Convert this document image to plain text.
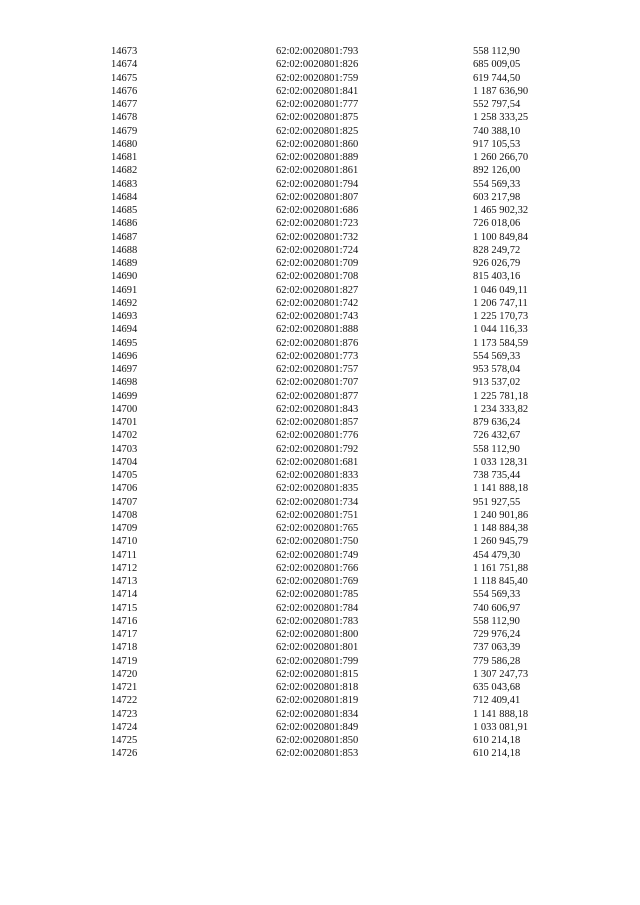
14673	62:02:0020801:793	558 112,90
14674	62:02:0020801:826	685 009,05
14675	62:02:0020801:759	619 744,50
14676	62:02:0020801:841	1 187 636,90
14677	62:02:0020801:777	552 797,54
14678	62:02:0020801:875	1 258 333,25
14679	62:02:0020801:825	740 388,10
14680	62:02:0020801:860	917 105,53
14681	62:02:0020801:889	1 260 266,70
14682	62:02:0020801:861	892 126,00
14683	62:02:0020801:794	554 569,33
14684	62:02:0020801:807	603 217,98
14685	62:02:0020801:686	1 465 902,32
14686	62:02:0020801:723	726 018,06
14687	62:02:0020801:732	1 100 849,84
14688	62:02:0020801:724	828 249,72
14689	62:02:0020801:709	926 026,79
14690	62:02:0020801:708	815 403,16
14691	62:02:0020801:827	1 046 049,11
14692	62:02:0020801:742	1 206 747,11
14693	62:02:0020801:743	1 225 170,73
14694	62:02:0020801:888	1 044 116,33
14695	62:02:0020801:876	1 173 584,59
14696	62:02:0020801:773	554 569,33
14697	62:02:0020801:757	953 578,04
14698	62:02:0020801:707	913 537,02
14699	62:02:0020801:877	1 225 781,18
14700	62:02:0020801:843	1 234 333,82
14701	62:02:0020801:857	879 636,24
14702	62:02:0020801:776	726 432,67
14703	62:02:0020801:792	558 112,90
14704	62:02:0020801:681	1 033 128,31
14705	62:02:0020801:833	738 735,44
14706	62:02:0020801:835	1 141 888,18
14707	62:02:0020801:734	951 927,55
14708	62:02:0020801:751	1 240 901,86
14709	62:02:0020801:765	1 148 884,38
14710	62:02:0020801:750	1 260 945,79
14711	62:02:0020801:749	454 479,30
14712	62:02:0020801:766	1 161 751,88
14713	62:02:0020801:769	1 118 845,40
14714	62:02:0020801:785	554 569,33
14715	62:02:0020801:784	740 606,97
14716	62:02:0020801:783	558 112,90
14717	62:02:0020801:800	729 976,24
14718	62:02:0020801:801	737 063,39
14719	62:02:0020801:799	779 586,28
14720	62:02:0020801:815	1 307 247,73
14721	62:02:0020801:818	635 043,68
14722	62:02:0020801:819	712 409,41
14723	62:02:0020801:834	1 141 888,18
14724	62:02:0020801:849	1 033 081,91
14725	62:02:0020801:850	610 214,18
14726	62:02:0020801:853	610 214,18
